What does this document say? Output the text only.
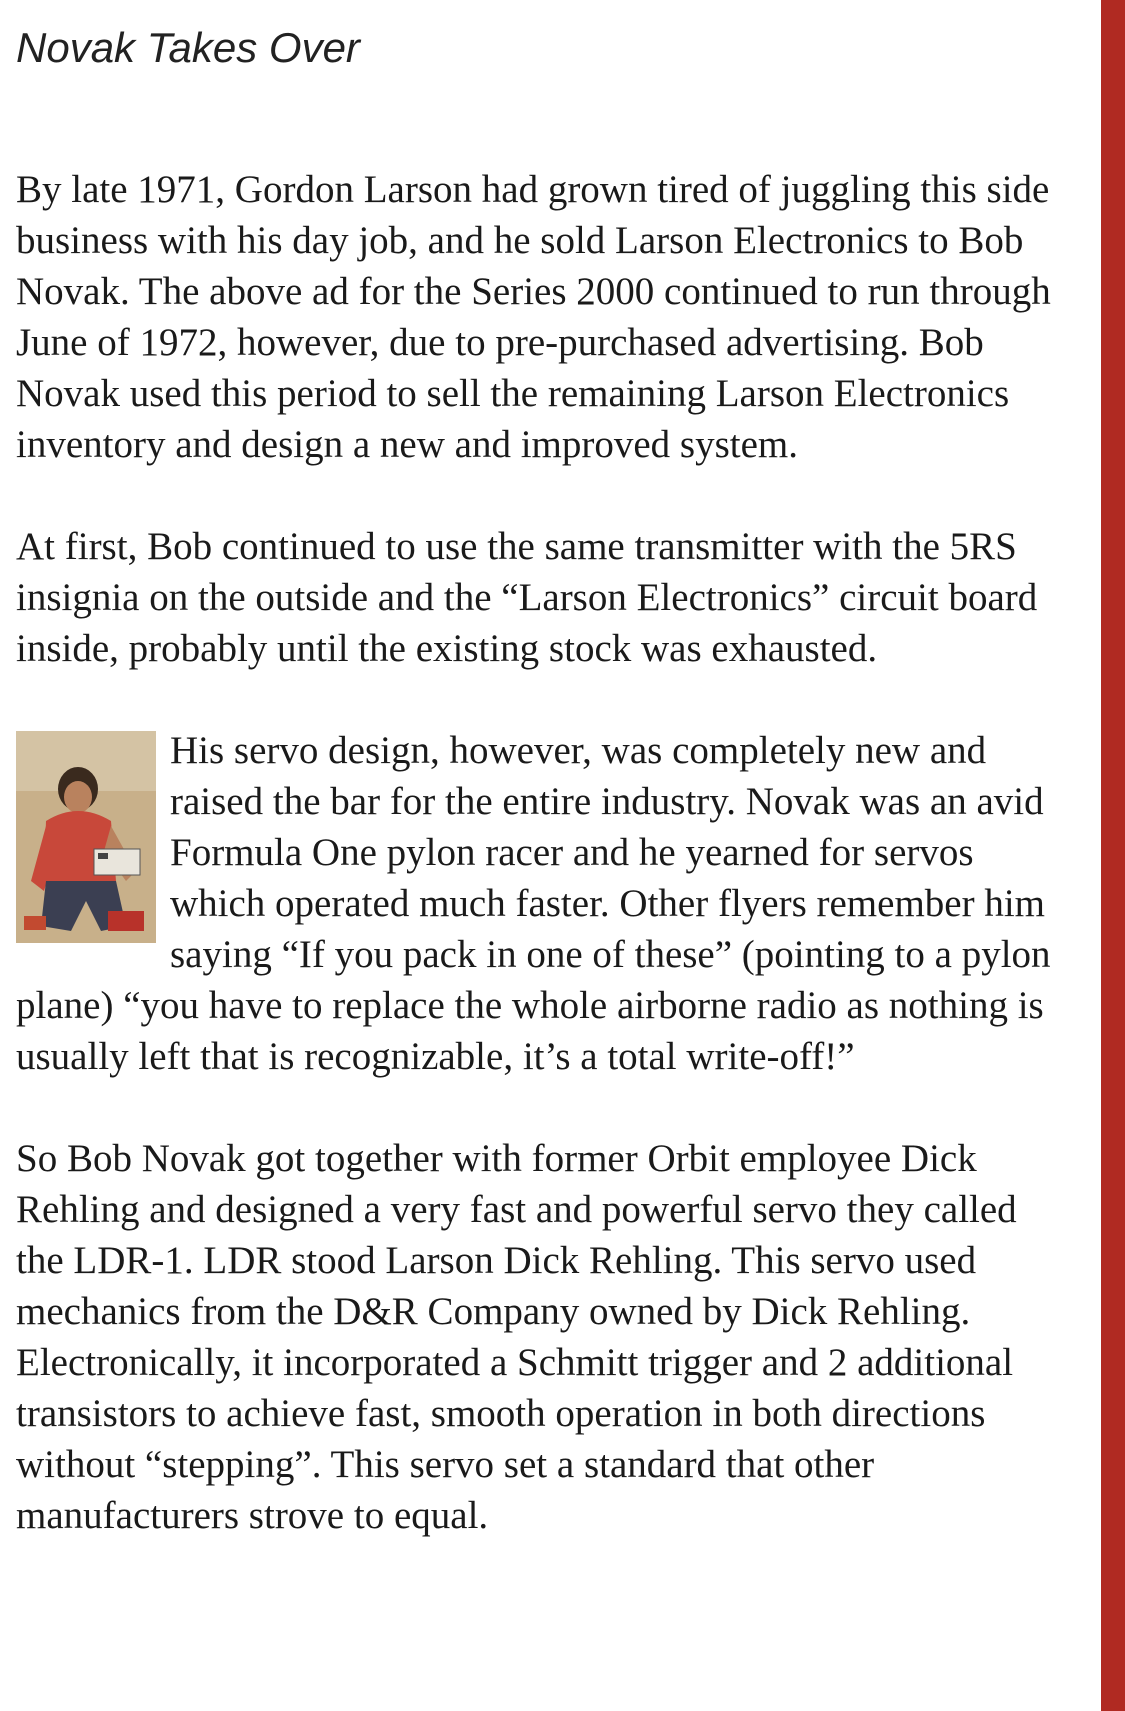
Novak Takes Over

By late 1971, Gordon Larson had grown tired of juggling this side business with his day job, and he sold Larson Electronics to Bob Novak. The above ad for the Series 2000 continued to run through June of 1972, however, due to pre-purchased advertising. Bob Novak used this period to sell the remaining Larson Electronics inventory and design a new and improved system.

At first, Bob continued to use the same transmitter with the 5RS insignia on the outside and the “Larson Electronics” circuit board inside, probably until the existing stock was exhausted.

His servo design, however, was completely new and raised the bar for the entire industry. Novak was an avid Formula One pylon racer and he yearned for servos which operated much faster. Other flyers remember him saying “If you pack in one of these” (pointing to a pylon plane) “you have to replace the whole airborne radio as nothing is usually left that is recognizable, it’s a total write-off!”

So Bob Novak got together with former Orbit employee Dick Rehling and designed a very fast and powerful servo they called the LDR-1. LDR stood Larson Dick Rehling. This servo used mechanics from the D&R Company owned by Dick Rehling. Electronically, it incorporated a Schmitt trigger and 2 additional transistors to achieve fast, smooth operation in both directions without “stepping”. This servo set a standard that other manufacturers strove to equal.
